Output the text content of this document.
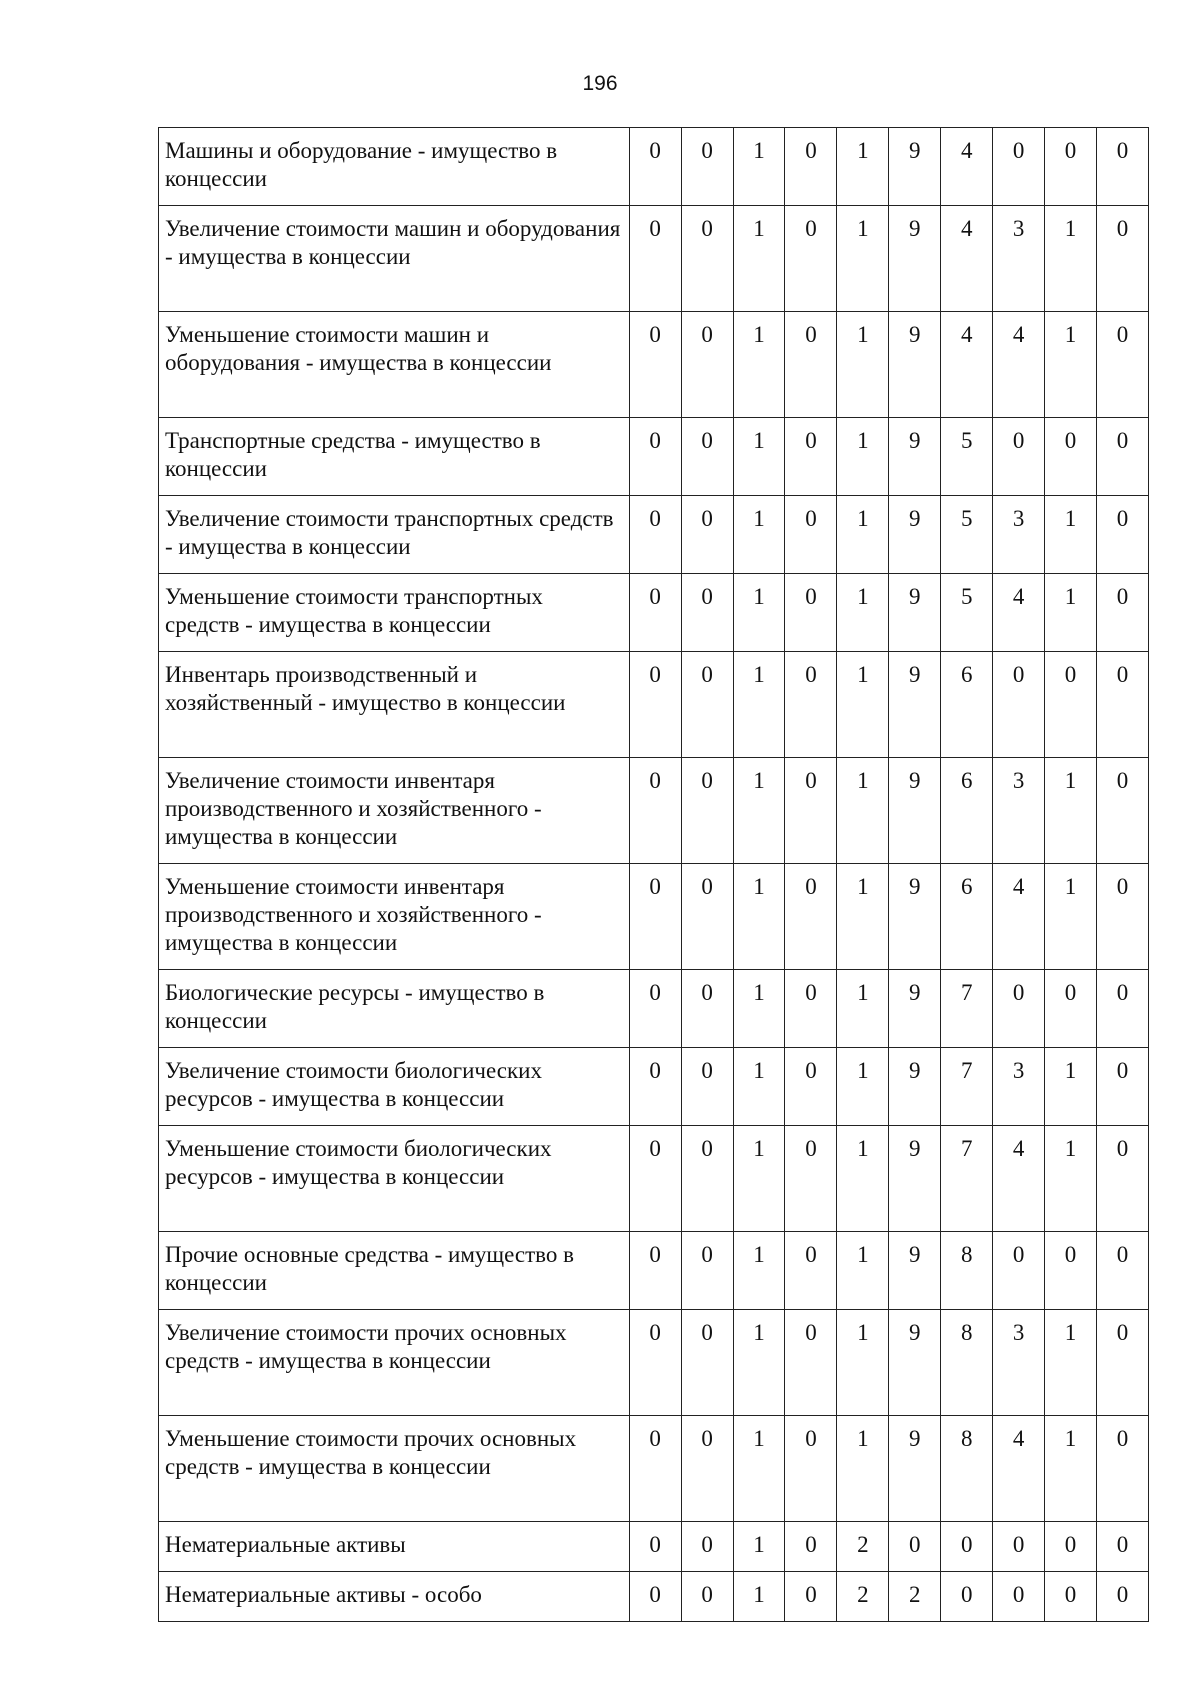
196
Машины и оборудование - имущество в концессии	0	0	1	0	1	9	4	0	0	0
Увеличение стоимости машин и оборудования - имущества в концессии	0	0	1	0	1	9	4	3	1	0
Уменьшение стоимости машин и оборудования - имущества в концессии	0	0	1	0	1	9	4	4	1	0
Транспортные средства - имущество в концессии	0	0	1	0	1	9	5	0	0	0
Увеличение стоимости транспортных средств - имущества в концессии	0	0	1	0	1	9	5	3	1	0
Уменьшение стоимости транспортных средств - имущества в концессии	0	0	1	0	1	9	5	4	1	0
Инвентарь производственный и хозяйственный - имущество в концессии	0	0	1	0	1	9	6	0	0	0
Увеличение стоимости инвентаря производственного и хозяйственного - имущества в концессии	0	0	1	0	1	9	6	3	1	0
Уменьшение стоимости инвентаря производственного и хозяйственного - имущества в концессии	0	0	1	0	1	9	6	4	1	0
Биологические ресурсы - имущество в концессии	0	0	1	0	1	9	7	0	0	0
Увеличение стоимости биологических ресурсов - имущества в концессии	0	0	1	0	1	9	7	3	1	0
Уменьшение стоимости биологических ресурсов - имущества в концессии	0	0	1	0	1	9	7	4	1	0
Прочие основные средства - имущество в концессии	0	0	1	0	1	9	8	0	0	0
Увеличение стоимости прочих основных средств - имущества в концессии	0	0	1	0	1	9	8	3	1	0
Уменьшение стоимости прочих основных средств - имущества в концессии	0	0	1	0	1	9	8	4	1	0
Нематериальные активы	0	0	1	0	2	0	0	0	0	0
Нематериальные активы - особо	0	0	1	0	2	2	0	0	0	0
